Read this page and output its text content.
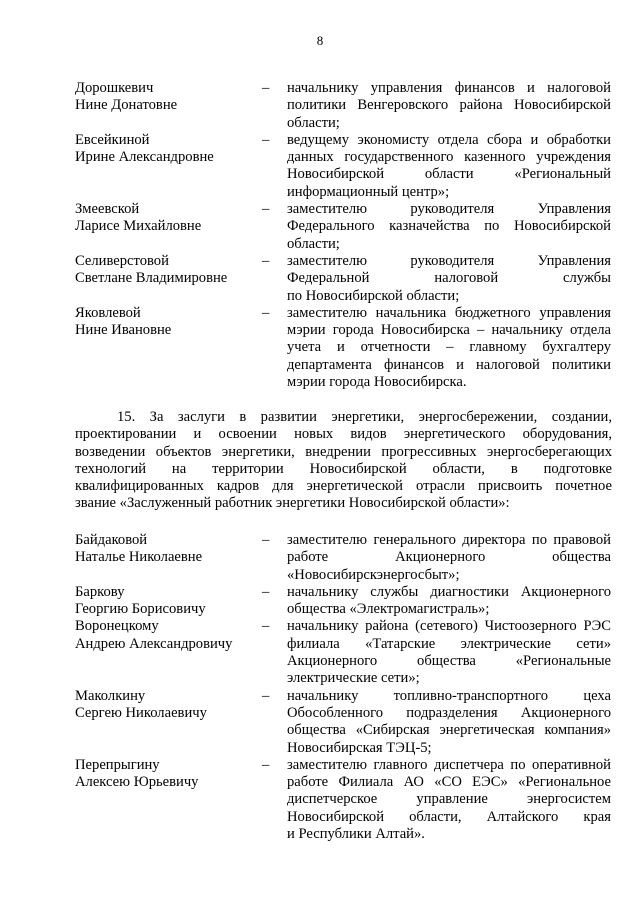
8
Дорошкевич
Нине Донатовне
– начальнику управления финансов и налоговой
политики Венгеровского района Новосибирской
области;
Евсейкиной
Ирине Александровне
– ведущему экономисту отдела сбора и обработки
данных государственного казенного учреждения
Новосибирской области «Региональный
информационный центр»;
Змеевской
Ларисе Михайловне
– заместителю руководителя Управления
Федерального казначейства по Новосибирской
области;
Селиверстовой
Светлане Владимировне
– заместителю руководителя Управления
Федеральной налоговой службы
по Новосибирской области;
Яковлевой
Нине Ивановне
– заместителю начальника бюджетного управления
мэрии города Новосибирска – начальнику отдела
учета и отчетности – главному бухгалтеру
департамента финансов и налоговой политики
мэрии города Новосибирска.
15. За заслуги в развитии энергетики, энергосбережении, создании,
проектировании и освоении новых видов энергетического оборудования,
возведении объектов энергетики, внедрении прогрессивных энергосберегающих
технологий на территории Новосибирской области, в подготовке
квалифицированных кадров для энергетической отрасли присвоить почетное
звание «Заслуженный работник энергетики Новосибирской области»:
Байдаковой
Наталье Николаевне
– заместителю генерального директора по правовой
работе Акционерного общества
«Новосибирскэнергосбыт»;
Баркову
Георгию Борисовичу
– начальнику службы диагностики Акционерного
общества «Электромагистраль»;
Воронецкому
Андрею Александровичу
– начальнику района (сетевого) Чистоозерного РЭС
филиала «Татарские электрические сети»
Акционерного общества «Региональные
электрические сети»;
Маколкину
Сергею Николаевичу
– начальнику топливно-транспортного цеха
Обособленного подразделения Акционерного
общества «Сибирская энергетическая компания»
Новосибирская ТЭЦ-5;
Перепрыгину
Алексею Юрьевичу
– заместителю главного диспетчера по оперативной
работе Филиала АО «СО ЕЭС» «Региональное
диспетчерское управление энергосистем
Новосибирской области, Алтайского края
и Республики Алтай».
